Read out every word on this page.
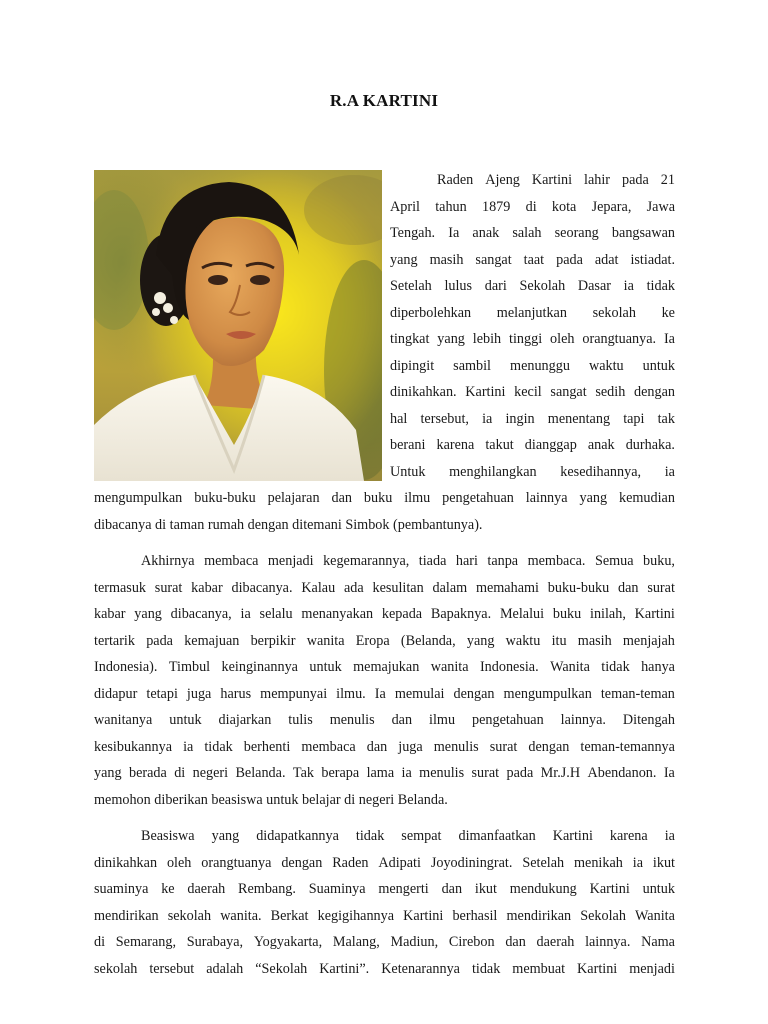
R.A KARTINI
Raden Ajeng Kartini lahir pada 21
April tahun 1879 di kota Jepara, Jawa
Tengah. Ia anak salah seorang bangsawan
yang masih sangat taat pada adat istiadat.
Setelah lulus dari Sekolah Dasar ia tidak
diperbolehkan melanjutkan sekolah ke
tingkat yang lebih tinggi oleh orangtuanya. Ia
dipingit sambil menunggu waktu untuk
dinikahkan. Kartini kecil sangat sedih dengan
hal tersebut, ia ingin menentang tapi tak
berani karena takut dianggap anak durhaka.
Untuk menghilangkan kesedihannya, ia
mengumpulkan buku-buku pelajaran dan buku ilmu pengetahuan lainnya yang kemudian
dibacanya di taman rumah dengan ditemani Simbok (pembantunya).
Akhirnya membaca menjadi kegemarannya, tiada hari tanpa membaca. Semua buku,
termasuk surat kabar dibacanya. Kalau ada kesulitan dalam memahami buku-buku dan surat
kabar yang dibacanya, ia selalu menanyakan kepada Bapaknya. Melalui buku inilah, Kartini
tertarik pada kemajuan berpikir wanita Eropa (Belanda, yang waktu itu masih menjajah
Indonesia). Timbul keinginannya untuk memajukan wanita Indonesia. Wanita tidak hanya
didapur tetapi juga harus mempunyai ilmu. Ia memulai dengan mengumpulkan teman-teman
wanitanya untuk diajarkan tulis menulis dan ilmu pengetahuan lainnya. Ditengah
kesibukannya ia tidak berhenti membaca dan juga menulis surat dengan teman-temannya
yang berada di negeri Belanda. Tak berapa lama ia menulis surat pada Mr.J.H Abendanon. Ia
memohon diberikan beasiswa untuk belajar di negeri Belanda.
Beasiswa yang didapatkannya tidak sempat dimanfaatkan Kartini karena ia
dinikahkan oleh orangtuanya dengan Raden Adipati Joyodiningrat. Setelah menikah ia ikut
suaminya ke daerah Rembang. Suaminya mengerti dan ikut mendukung Kartini untuk
mendirikan sekolah wanita. Berkat kegigihannya Kartini berhasil mendirikan Sekolah Wanita
di Semarang, Surabaya, Yogyakarta, Malang, Madiun, Cirebon dan daerah lainnya. Nama
sekolah tersebut adalah “Sekolah Kartini”. Ketenarannya tidak membuat Kartini menjadi
